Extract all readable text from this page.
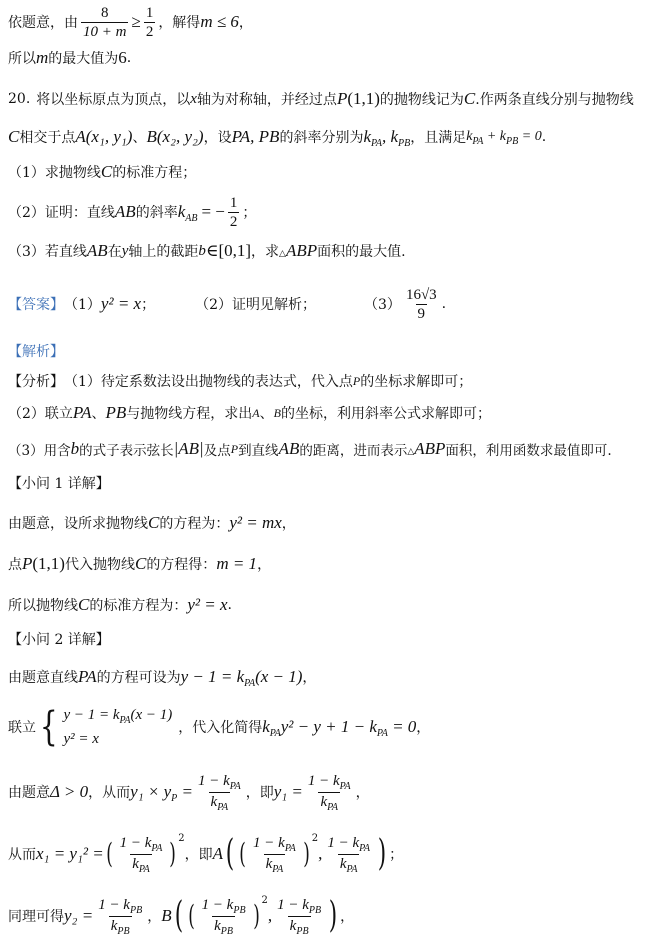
依题意，由 $\frac{8}{10 + m} \ge \frac{1}{2}$ ，解得 m ≤ 6 ，
所以 m 的最大值为 6 .
20. 将以坐标原点为顶点，以 x 轴为对称轴，并经过点 P (1,1) 的抛物线记为 C .作两条直线分别与抛物线
C 相交于点 A (x₁, y₁) 、 B (x₂, y₂) ，设 PA, PB 的斜率分别为 $k_{PA}$, $k_{PB}$ ，且满足 $k_{PA} + k_{PB} = 0$ .
（1）求抛物线 C 的标准方程；
（2）证明：直线 AB 的斜率 $k_{AB}$ = − $\frac{1}{2}$ ；
（3）若直线 AB 在 y 轴上的截距 b ∈[0,1] ，求 △ ABP 面积的最大值.
【答案】 （1） y² = x ；	（2）证明见解析；	$(3) \frac{16√3}{9}$ .
【解析】
【分析】 （1）待定系数法设出抛物线的表达式，代入点 P 的坐标求解即可；
（2）联立 PA 、 PB 与抛物线方程，求出 A 、 B 的坐标，利用斜率公式求解即可；
（3）用含 b 的式子表示弦长 |AB| 及点 P 到直线 AB 的距离，进而表示 △ ABP 面积，利用函数求最值即可.
【小问 1 详解】
由题意，设所求抛物线 C 的方程为： y² = mx ，
点 P (1,1) 代入抛物线 C 的方程得： m = 1 ，
所以抛物线 C 的标准方程为： y² = x .
【小问 2 详解】
由题意直线 PA 的方程可设为 $y - 1 = k_{PA}(x - 1)$ ，
联立 { $y - 1 = k_{PA}(x - 1)$
y² = x
，代入化简得 $k_{PA}y^2 - y + 1 - k_{PA} = 0$ ，
由题意 Δ > 0 ，从而 $y_1 \times y_P = \frac{1 - k_{PA}}{k_{PA}}$ ，即 $y_1 = \frac{1 - k_{PA}}{k_{PA}}$ ，
从而 x₁ = y₁² = ( $\frac{1 - k_{PA}}{k_{PA}}$ ) 2
，即 A ( ( $\frac{1 - k_{PA}}{k_{PA}}$ ) 2
, $\frac{1 - k_{PA}}{k_{PA}}$ ) ；
同理可得 $y_2 = \frac{1 - k_{PB}}{k_{PB}}$ ， B ( ( $\frac{1 - k_{PB}}{k_{PB}}$ ) 2
, $\frac{1 - k_{PB}}{k_{PB}}$ ) ，
